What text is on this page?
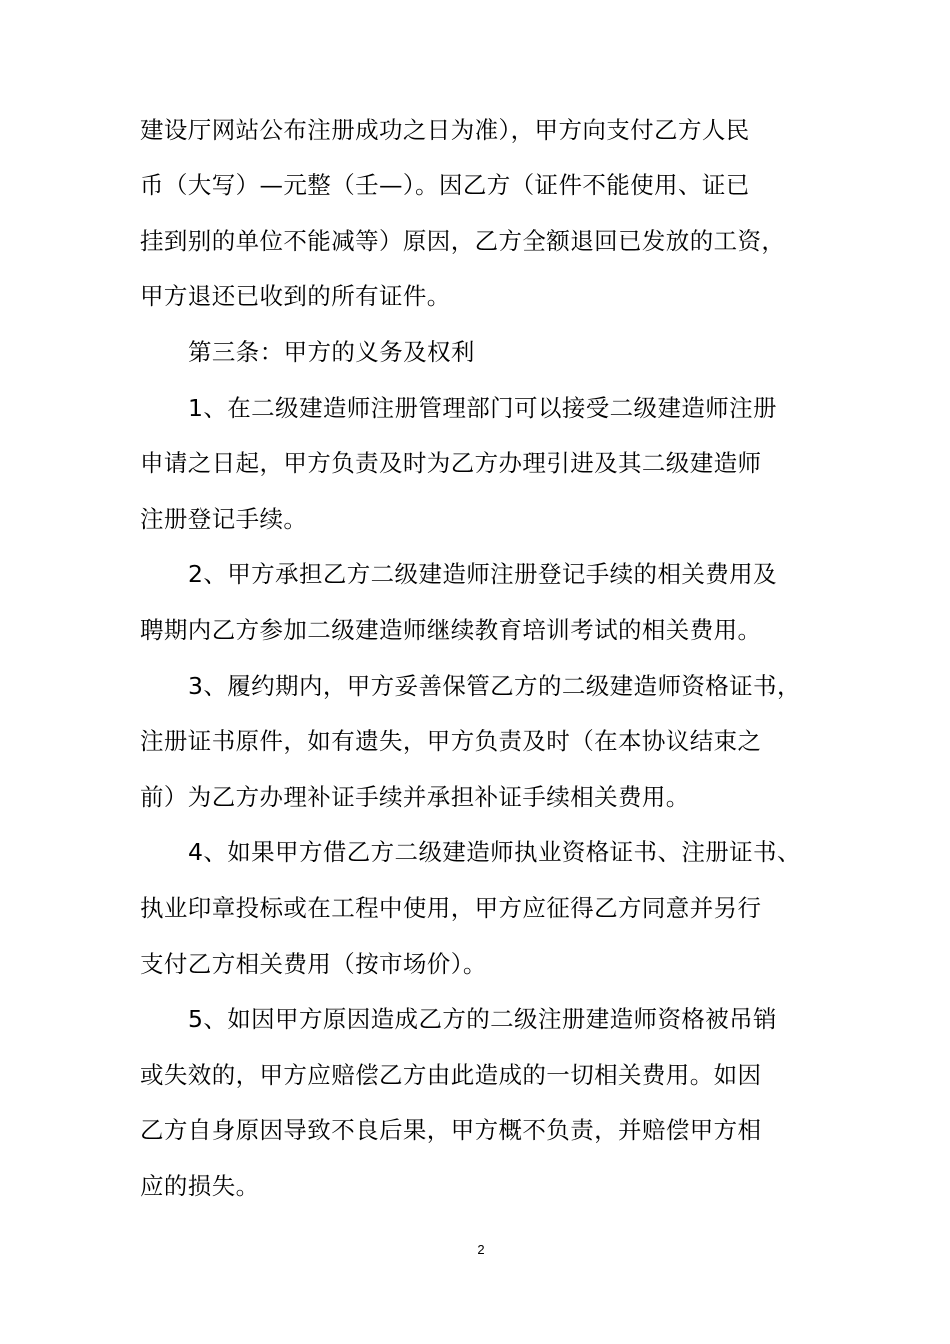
建设厅网站公布注册成功之日为准），甲方向支付乙方人民
币（大写）—元整（壬—）。因乙方（证件不能使用、证已
挂到别的单位不能减等）原因，乙方全额退回已发放的工资，
甲方退还已收到的所有证件。
第三条：甲方的义务及权利
1、在二级建造师注册管理部门可以接受二级建造师注册
申请之日起，甲方负责及时为乙方办理引进及其二级建造师
注册登记手续。
2、甲方承担乙方二级建造师注册登记手续的相关费用及
聘期内乙方参加二级建造师继续教育培训考试的相关费用。
3、履约期内，甲方妥善保管乙方的二级建造师资格证书，
注册证书原件，如有遗失，甲方负责及时（在本协议结束之
前）为乙方办理补证手续并承担补证手续相关费用。
4、如果甲方借乙方二级建造师执业资格证书、注册证书、
执业印章投标或在工程中使用，甲方应征得乙方同意并另行
支付乙方相关费用（按市场价）。
5、如因甲方原因造成乙方的二级注册建造师资格被吊销
或失效的，甲方应赔偿乙方由此造成的一切相关费用。如因
乙方自身原因导致不良后果，甲方概不负责，并赔偿甲方相
应的损失。
2
